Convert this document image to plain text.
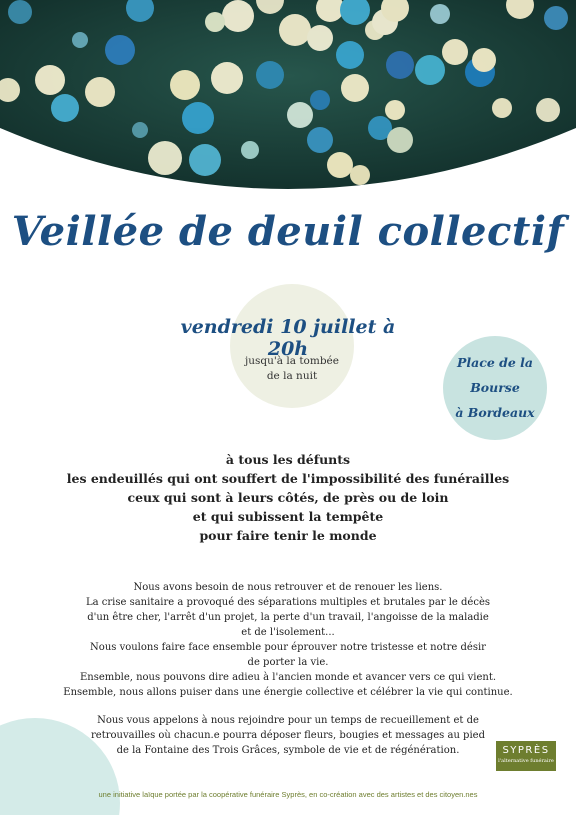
Veillée de deuil collectif
vendredi 10 juillet à 20h
jusqu'à la tombée
de la nuit
Place de la
Bourse
à Bordeaux
à tous les défunts
les endeuillés qui ont souffert de l'impossibilité des funérailles
ceux qui sont à leurs côtés, de près ou de loin
et qui subissent la tempête
pour faire tenir le monde

Nous avons besoin de nous retrouver et de renouer les liens.

La crise sanitaire a provoqué des séparations multiples et brutales par le décès

d'un être cher, l'arrêt d'un projet, la perte d'un travail, l'angoisse de la maladie

et de l'isolement...

Nous voulons faire face ensemble pour éprouver notre tristesse et notre désir

de porter la vie.

Ensemble, nous pouvons dire adieu à l'ancien monde et avancer vers ce qui vient.

Ensemble, nous allons puiser dans une énergie collective et célébrer la vie qui continue.

Nous vous appelons à nous rejoindre pour un temps de recueillement et de

retrouvailles où chacun.e pourra déposer fleurs, bougies et messages au pied

de la Fontaine des Trois Grâces, symbole de vie et de régénération.	SYPRÈS
l'alternative funéraire
une initiative laïque portée par la coopérative funéraire Syprès, en co-création avec des artistes et des citoyen.nes
